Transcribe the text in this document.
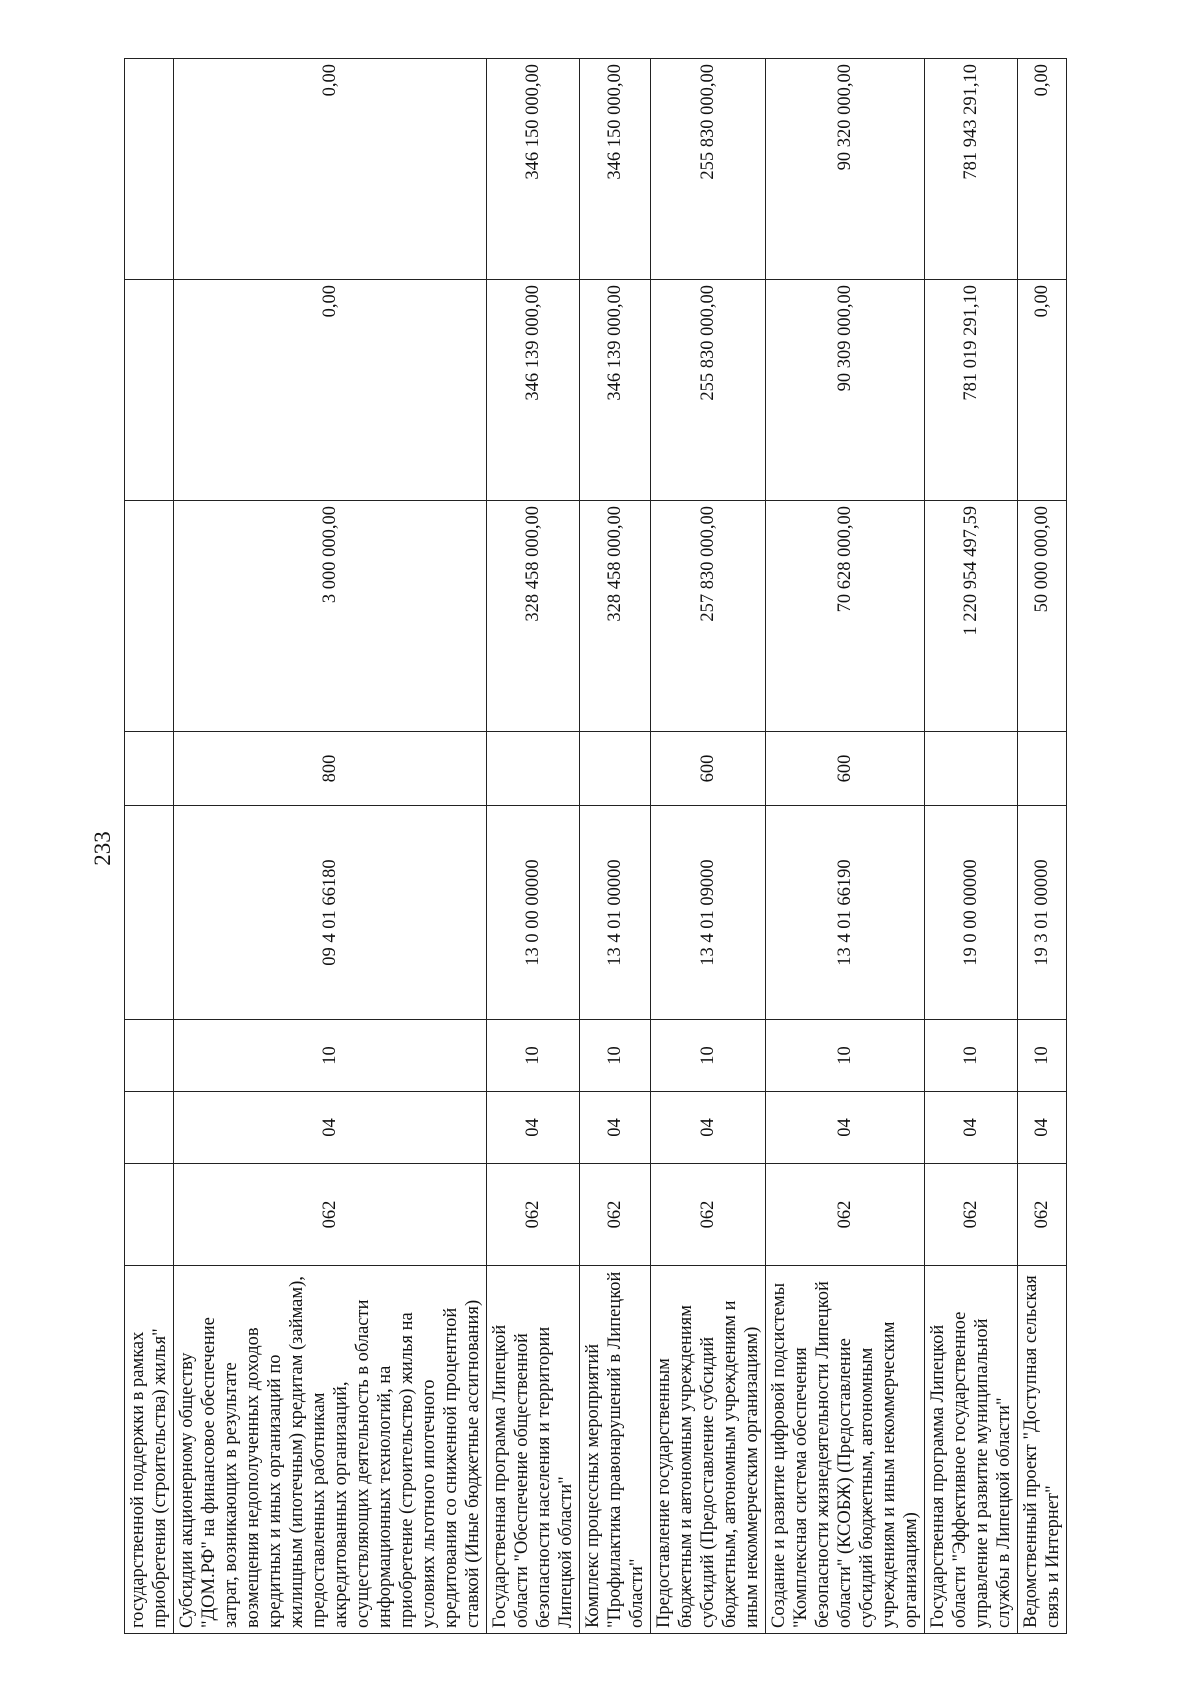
233
государственной поддержки в рамках приобретения (строительства) жилья"								
Субсидии акционерному обществу "ДОМ.РФ" на финансовое обеспечение затрат, возникающих в результате возмещения недополученных доходов кредитных и иных организаций по жилищным (ипотечным) кредитам (займам), предоставленных работникам аккредитованных организаций, осуществляющих деятельность в области информационных технологий, на приобретение (строительство) жилья на условиях льготного ипотечного кредитования со сниженной процентной ставкой (Иные бюджетные ассигнования)	062	04	10	09 4 01 66180	800	3 000 000,00	0,00	0,00
Государственная программа Липецкой области "Обеспечение общественной безопасности населения и территории Липецкой области"	062	04	10	13 0 00 00000		328 458 000,00	346 139 000,00	346 150 000,00
Комплекс процессных мероприятий "Профилактика правонарушений в Липецкой области"	062	04	10	13 4 01 00000		328 458 000,00	346 139 000,00	346 150 000,00
Предоставление государственным бюджетным и автономным учреждениям субсидий (Предоставление субсидий бюджетным, автономным учреждениям и иным некоммерческим организациям)	062	04	10	13 4 01 09000	600	257 830 000,00	255 830 000,00	255 830 000,00
Создание и развитие цифровой подсистемы "Комплексная система обеспечения безопасности жизнедеятельности Липецкой области" (КСОБЖ) (Предоставление субсидий бюджетным, автономным учреждениям и иным некоммерческим организациям)	062	04	10	13 4 01 66190	600	70 628 000,00	90 309 000,00	90 320 000,00
Государственная программа Липецкой области "Эффективное государственное управление и развитие муниципальной службы в Липецкой области"	062	04	10	19 0 00 00000		1 220 954 497,59	781 019 291,10	781 943 291,10
Ведомственный проект "Доступная сельская связь и Интернет"	062	04	10	19 3 01 00000		50 000 000,00	0,00	0,00
